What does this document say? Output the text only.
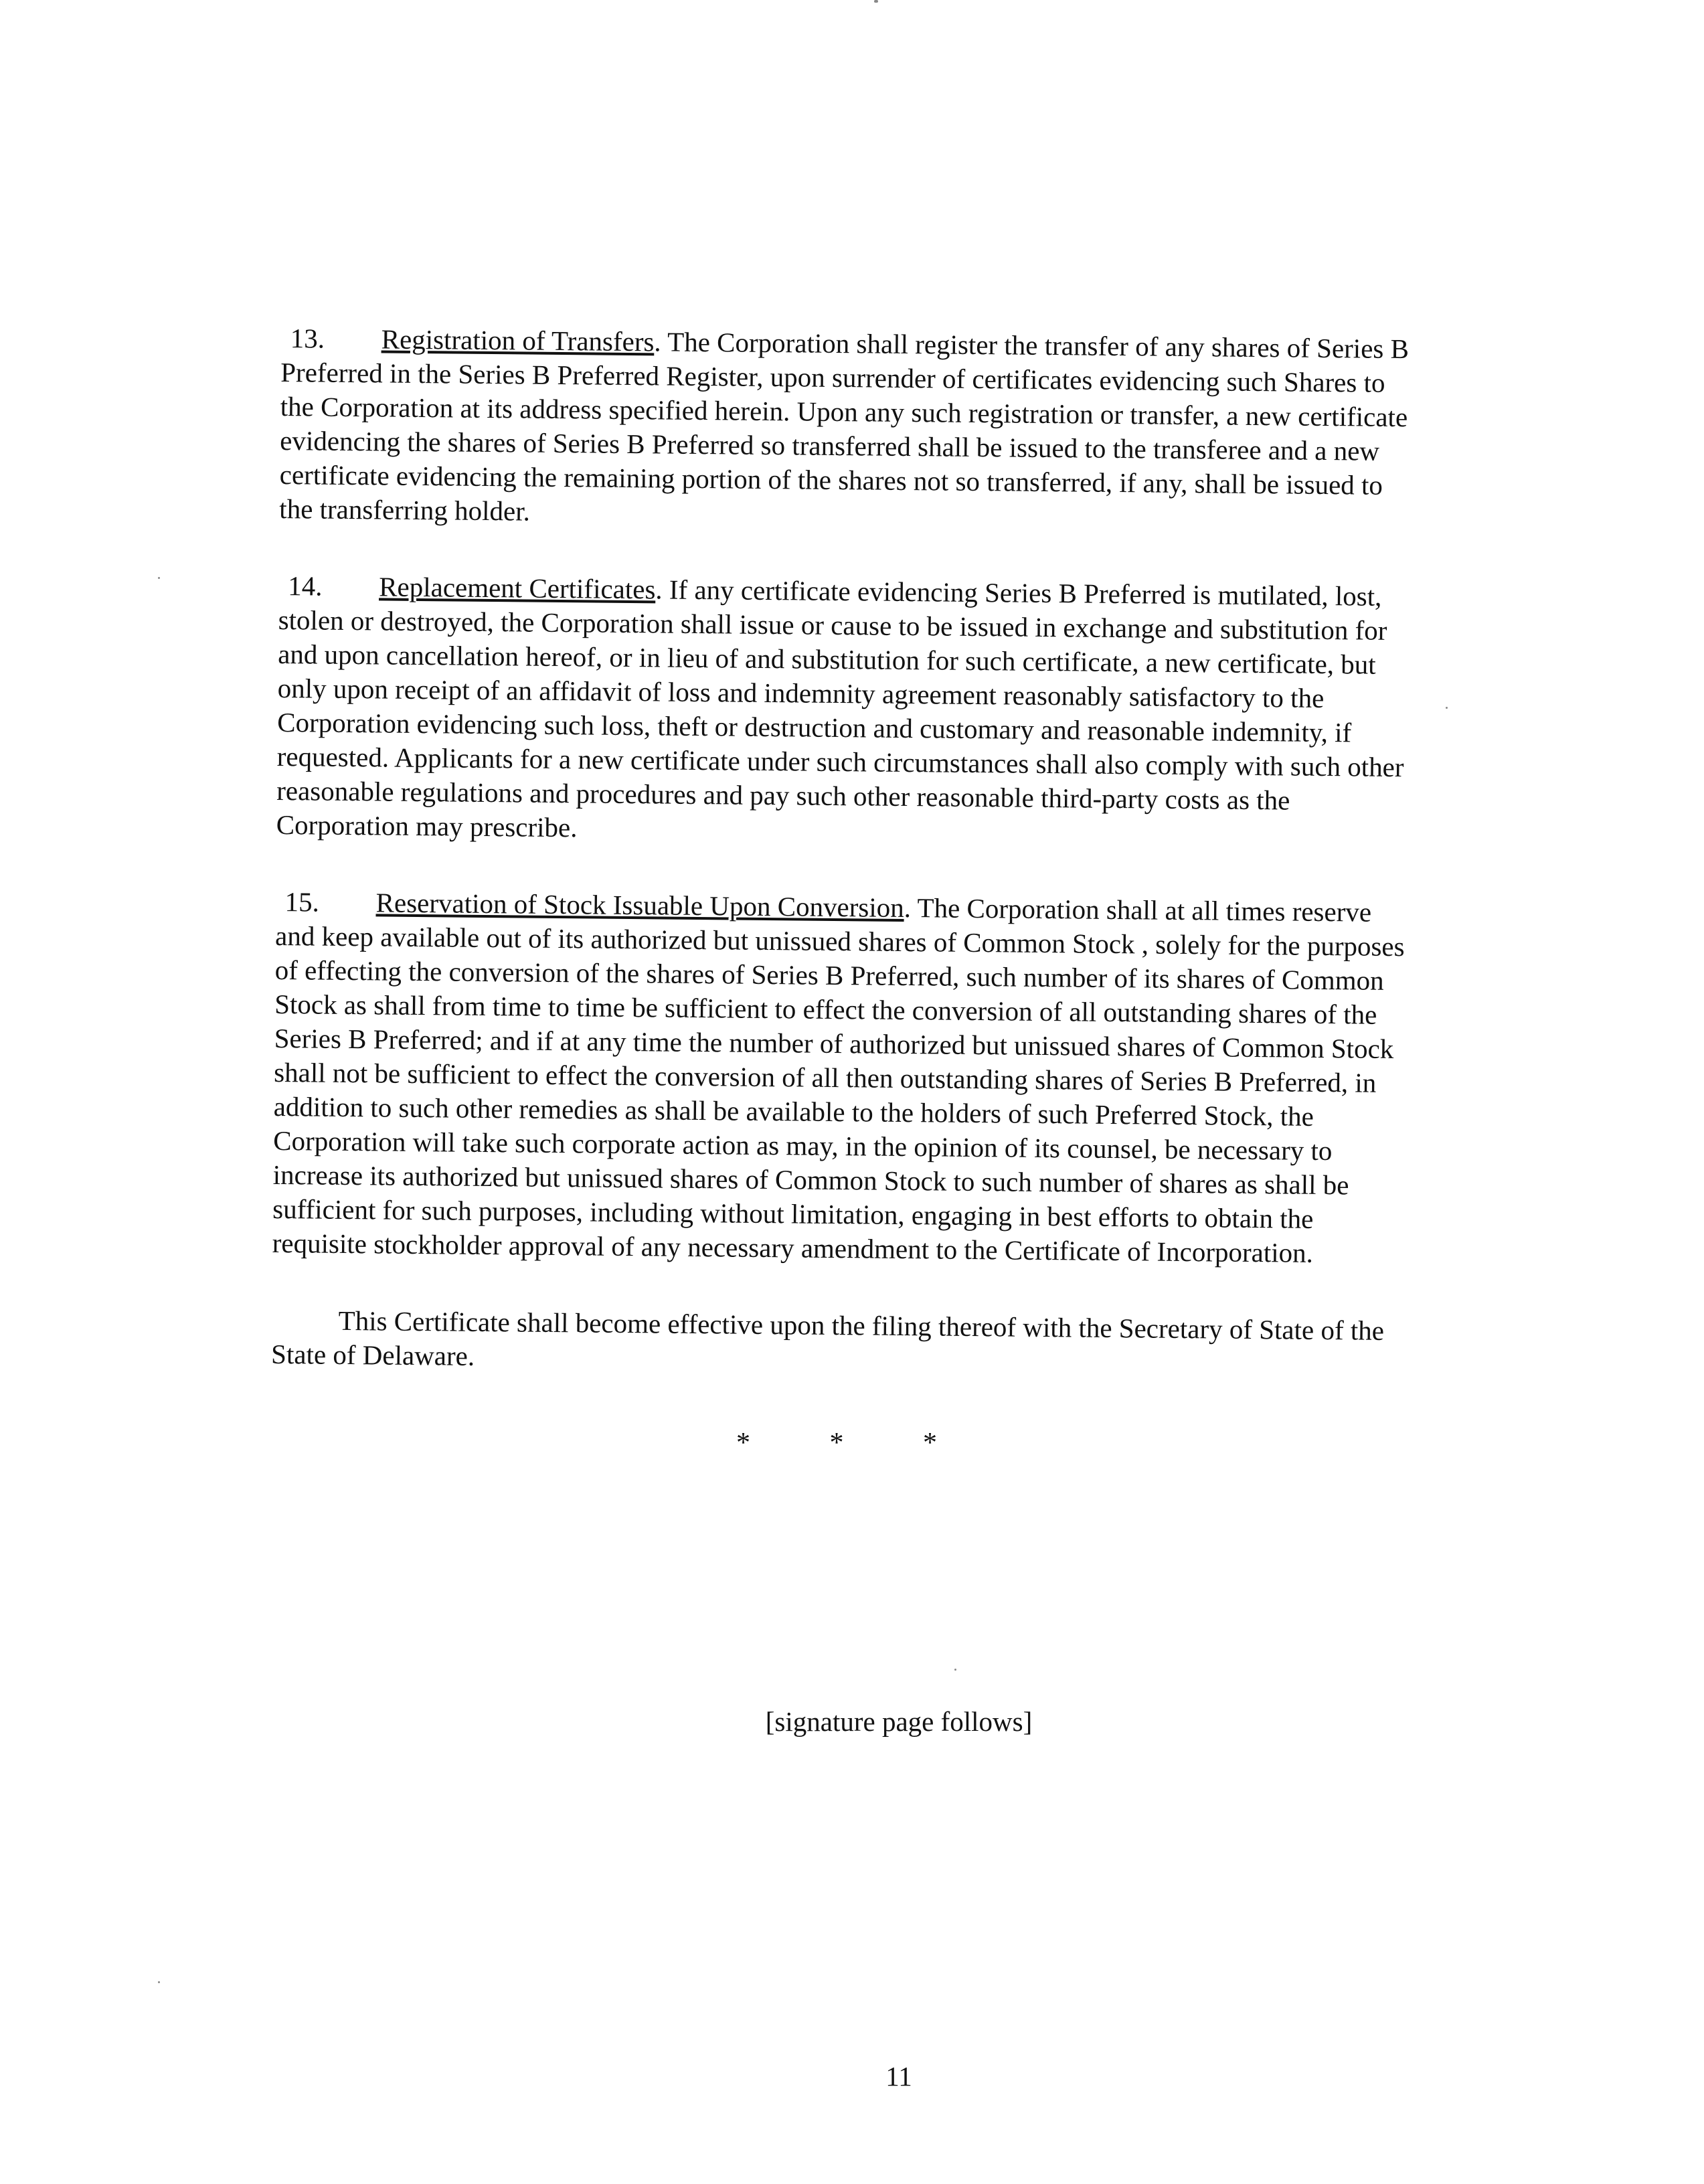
13. Registration of Transfers. The Corporation shall register the transfer of any shares of Series B Preferred in the Series B Preferred Register, upon surrender of certificates evidencing such Shares to the Corporation at its address specified herein. Upon any such registration or transfer, a new certificate evidencing the shares of Series B Preferred so transferred shall be issued to the transferee and a new certificate evidencing the remaining portion of the shares not so transferred, if any, shall be issued to the transferring holder.

14. Replacement Certificates. If any certificate evidencing Series B Preferred is mutilated, lost, stolen or destroyed, the Corporation shall issue or cause to be issued in exchange and substitution for and upon cancellation hereof, or in lieu of and substitution for such certificate, a new certificate, but only upon receipt of an affidavit of loss and indemnity agreement reasonably satisfactory to the Corporation evidencing such loss, theft or destruction and customary and reasonable indemnity, if requested. Applicants for a new certificate under such circumstances shall also comply with such other reasonable regulations and procedures and pay such other reasonable third-party costs as the Corporation may prescribe.

15. Reservation of Stock Issuable Upon Conversion. The Corporation shall at all times reserve and keep available out of its authorized but unissued shares of Common Stock , solely for the purposes of effecting the conversion of the shares of Series B Preferred, such number of its shares of Common Stock as shall from time to time be sufficient to effect the conversion of all outstanding shares of the Series B Preferred; and if at any time the number of authorized but unissued shares of Common Stock shall not be sufficient to effect the conversion of all then outstanding shares of Series B Preferred, in addition to such other remedies as shall be available to the holders of such Preferred Stock, the Corporation will take such corporate action as may, in the opinion of its counsel, be necessary to increase its authorized but unissued shares of Common Stock to such number of shares as shall be sufficient for such purposes, including without limitation, engaging in best efforts to obtain the requisite stockholder approval of any necessary amendment to the Certificate of Incorporation.

This Certificate shall become effective upon the filing thereof with the Secretary of State of the State of Delaware.

*	*	*
[signature page follows]
11
